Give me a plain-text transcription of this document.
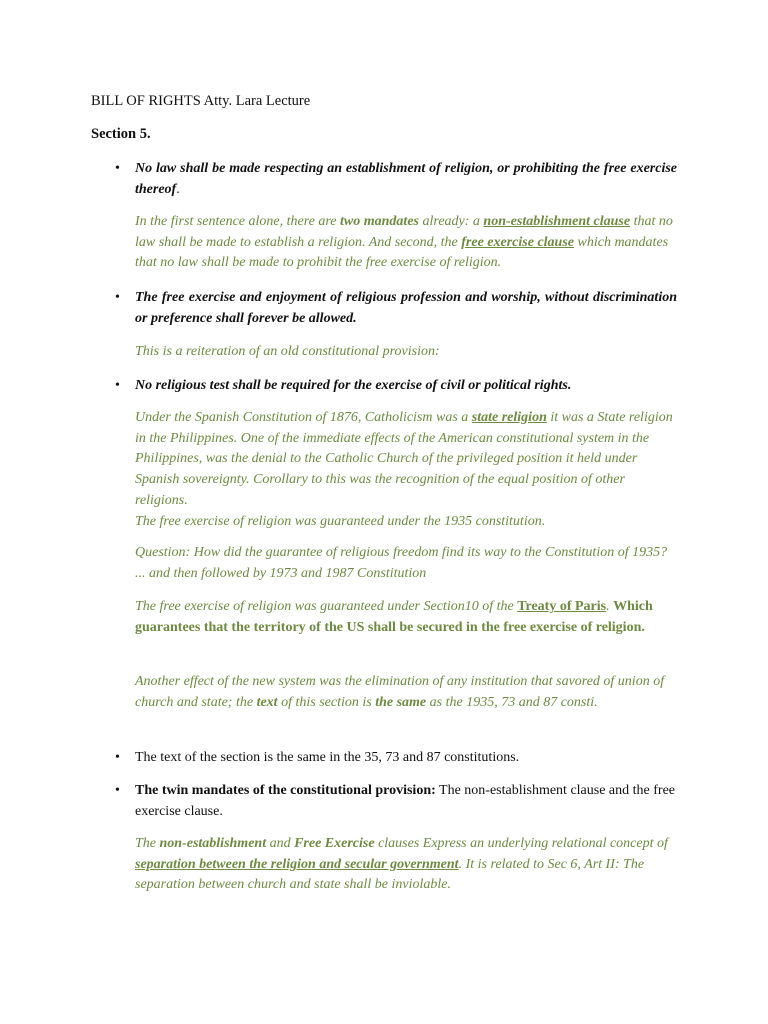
BILL OF RIGHTS Atty. Lara Lecture
Section 5.
• No law shall be made respecting an establishment of religion, or prohibiting the free exercise thereof.
In the first sentence alone, there are two mandates already: a non-establishment clause that no law shall be made to establish a religion. And second, the free exercise clause which mandates that no law shall be made to prohibit the free exercise of religion.
• The free exercise and enjoyment of religious profession and worship, without discrimination or preference shall forever be allowed.
This is a reiteration of an old constitutional provision:
• No religious test shall be required for the exercise of civil or political rights.
Under the Spanish Constitution of 1876, Catholicism was a state religion it was a State religion in the Philippines. One of the immediate effects of the American constitutional system in the Philippines, was the denial to the Catholic Church of the privileged position it held under Spanish sovereignty. Corollary to this was the recognition of the equal position of other religions.
The free exercise of religion was guaranteed under the 1935 constitution.
Question: How did the guarantee of religious freedom find its way to the Constitution of 1935? ... and then followed by 1973 and 1987 Constitution
The free exercise of religion was guaranteed under Section10 of the Treaty of Paris. Which guarantees that the territory of the US shall be secured in the free exercise of religion.
Another effect of the new system was the elimination of any institution that savored of union of church and state; the text of this section is the same as the 1935, 73 and 87 consti.
• The text of the section is the same in the 35, 73 and 87 constitutions.
• The twin mandates of the constitutional provision: The non-establishment clause and the free exercise clause.
The non-establishment and Free Exercise clauses Express an underlying relational concept of separation between the religion and secular government. It is related to Sec 6, Art II: The separation between church and state shall be inviolable.
